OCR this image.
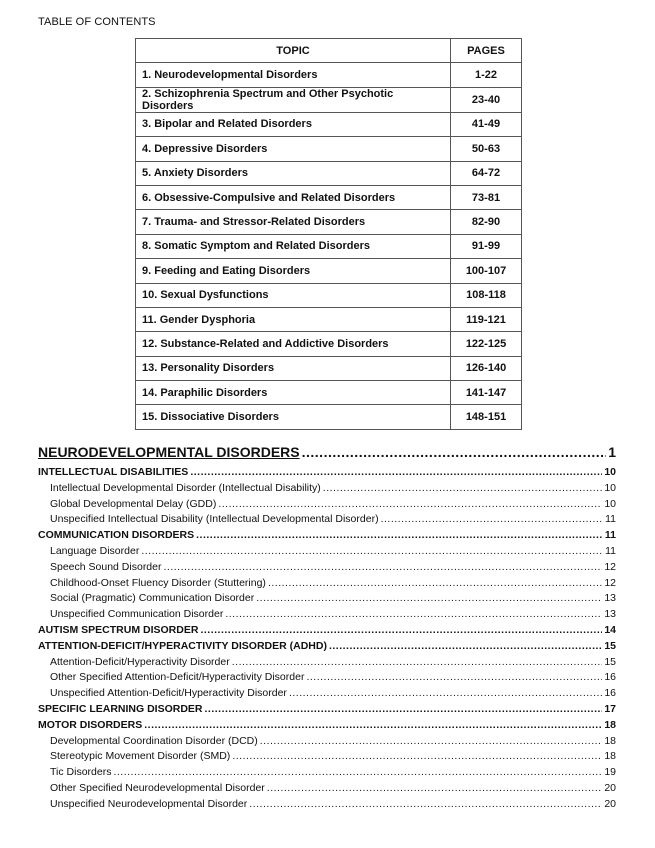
TABLE OF CONTENTS
TOPIC	PAGES
1. Neurodevelopmental Disorders	1-22
2. Schizophrenia Spectrum and Other Psychotic Disorders	23-40
3. Bipolar and Related Disorders	41-49
4. Depressive Disorders	50-63
5. Anxiety Disorders	64-72
6. Obsessive-Compulsive and Related Disorders	73-81
7. Trauma- and Stressor-Related Disorders	82-90
8. Somatic Symptom and Related Disorders	91-99
9. Feeding and Eating Disorders	100-107
10. Sexual Dysfunctions	108-118
11. Gender Dysphoria	119-121
12. Substance-Related and Addictive Disorders	122-125
13. Personality Disorders	126-140
14. Paraphilic Disorders	141-147
15. Dissociative Disorders	148-151
NEURODEVELOPMENTAL DISORDERS .....	1
INTELLECTUAL DISABILITIES .....	10
Intellectual Developmental Disorder (Intellectual Disability) .....	10
Global Developmental Delay (GDD) .....	10
Unspecified Intellectual Disability (Intellectual Developmental Disorder) .....	11
COMMUNICATION DISORDERS .....	11
Language Disorder .....	11
Speech Sound Disorder .....	12
Childhood-Onset Fluency Disorder (Stuttering) .....	12
Social (Pragmatic) Communication Disorder .....	13
Unspecified Communication Disorder .....	13
AUTISM SPECTRUM DISORDER .....	14
ATTENTION-DEFICIT/HYPERACTIVITY DISORDER (ADHD) .....	15
Attention-Deficit/Hyperactivity Disorder .....	15
Other Specified Attention-Deficit/Hyperactivity Disorder .....	16
Unspecified Attention-Deficit/Hyperactivity Disorder .....	16
SPECIFIC LEARNING DISORDER .....	17
MOTOR DISORDERS .....	18
Developmental Coordination Disorder (DCD) .....	18
Stereotypic Movement Disorder (SMD) .....	18
Tic Disorders .....	19
Other Specified Neurodevelopmental Disorder .....	20
Unspecified Neurodevelopmental Disorder .....	20
